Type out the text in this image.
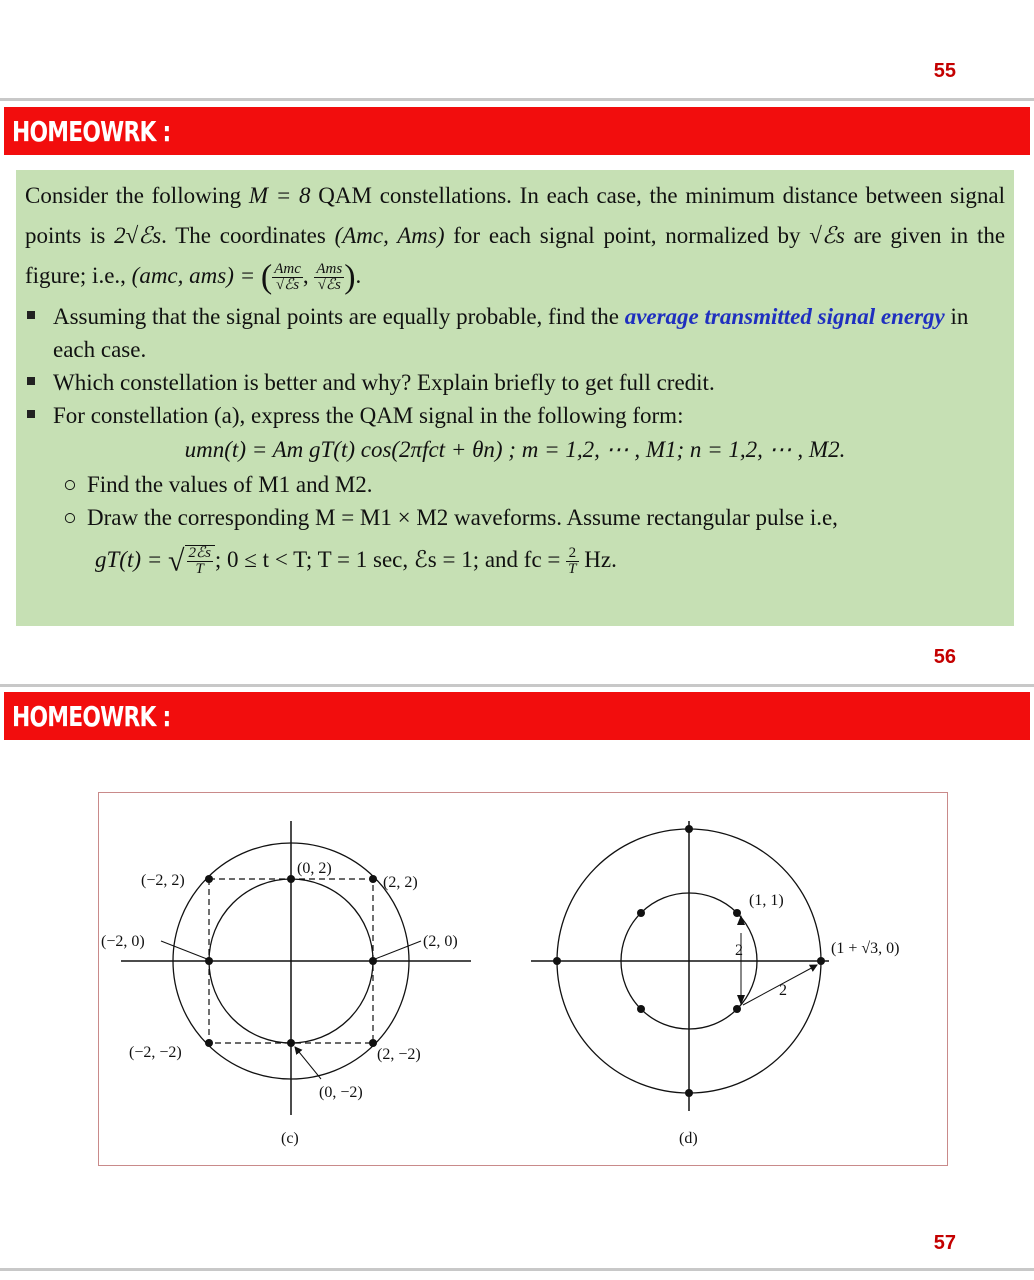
55
HOMEOWRK :

Consider the following M = 8 QAM constellations. In each case, the minimum distance between signal points is 2√ℰs. The coordinates (Amc, Ams) for each signal point, normalized by √ℰs are given in the figure; i.e., (amc, ams) = ( $\frac{\text{Amc}}{\text{√ℰs}}$ , $\frac{\text{Ams}}{\text{√ℰs}}$ ).

Assuming that the signal points are equally probable, find the average transmitted signal energy in each case.
Which constellation is better and why? Explain briefly to get full credit.
For constellation (a), express the QAM signal in the following form:
umn(t) = Am gT(t) cos(2πfct + θn) ; m = 1,2, ⋯ , M1; n = 1,2, ⋯ , M2.
○ Find the values of M1 and M2.
○ Draw the corresponding M = M1 × M2 waveforms. Assume rectangular pulse i.e,
gT(t) = √ $\frac{\text{2ℰs}}{T}$ ; 0 ≤ t < T; T = 1 sec, ℰs = 1; and fc = $\frac{2}{T} Hz$.
56
HOMEOWRK :
(−2, 2)
(0, 2)
(2, 2)
(−2, 0)	(2, 0)
(−2, −2)	(2, −2)
(0, −2)
(c)
(1, 1)
(1 + √3, 0)
2
2
(d)
57
